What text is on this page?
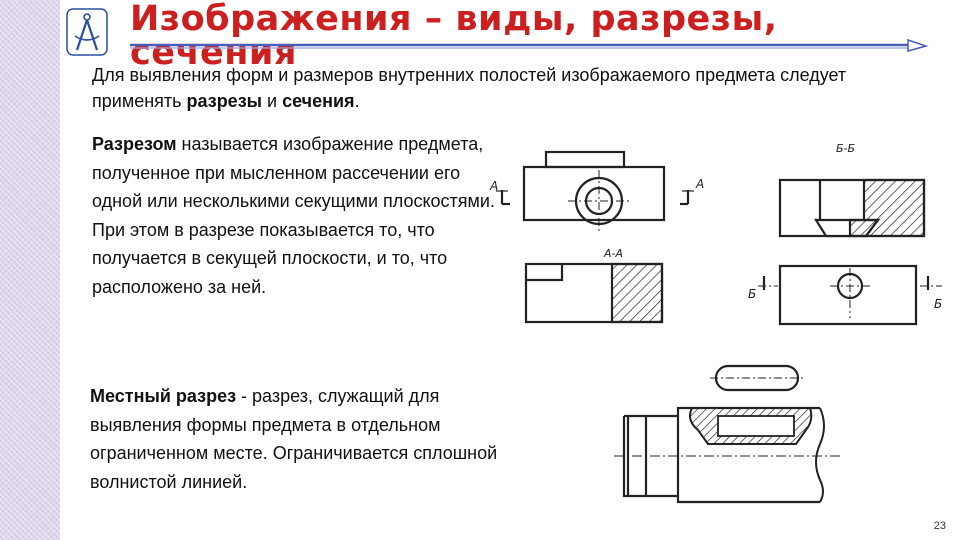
Изображения – виды, разрезы, сечения

Для выявления форм и размеров внутренних полостей изображаемого предмета следует применять разрезы и сечения.

Разрезом называется изображение предмета, полученное при мысленном рассечении его одной или несколькими секущими плоскостями. При этом в разрезе показывается то, что получается в секущей плоскости, и то, что расположено за ней.

Местный разрез - разрез, служащий для выявления формы предмета в отдельном ограниченном месте. Ограничивается сплошной волнистой линией.

А	А
А-А
Б-Б
Б
Б
23
